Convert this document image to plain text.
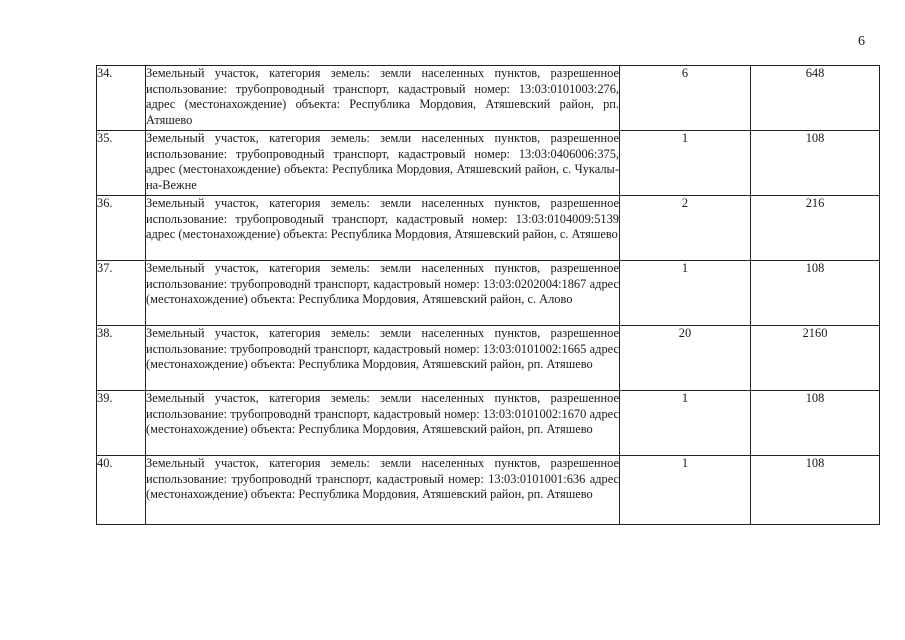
6
34.	Земельный участок, категория земель: земли населенных пунктов, разрешенное использование: трубопроводный транспорт, кадастровый номер: 13:03:0101003:276, адрес (местонахождение) объекта: Республика Мордовия, Атяшевский район, рп. Атяшево	6	648
35.	Земельный участок, категория земель: земли населенных пунктов, разрешенное использование: трубопроводный транспорт, кадастровый номер: 13:03:0406006:375, адрес (местонахождение) объекта: Республика Мордовия, Атяшевский район, с. Чукалы-на-Вежне	1	108
36.	Земельный участок, категория земель: земли населенных пунктов, разрешенное использование: трубопроводный транспорт, кадастровый номер: 13:03:0104009:5139 адрес (местонахождение) объекта: Республика Мордовия, Атяшевский район, с. Атяшево	2	216
37.	Земельный участок, категория земель: земли населенных пунктов, разрешенное использование: трубопроводнй транспорт, кадастровый номер: 13:03:0202004:1867 адрес (местонахождение) объекта: Республика Мордовия, Атяшевский район, с. Алово	1	108
38.	Земельный участок, категория земель: земли населенных пунктов, разрешенное использование: трубопроводнй транспорт, кадастровый номер: 13:03:0101002:1665 адрес (местонахождение) объекта: Республика Мордовия, Атяшевский район, рп. Атяшево	20	2160
39.	Земельный участок, категория земель: земли населенных пунктов, разрешенное использование: трубопроводнй транспорт, кадастровый номер: 13:03:0101002:1670 адрес (местонахождение) объекта: Республика Мордовия, Атяшевский район, рп. Атяшево	1	108
40.	Земельный участок, категория земель: земли населенных пунктов, разрешенное использование: трубопроводнй транспорт, кадастровый номер: 13:03:0101001:636 адрес (местонахождение) объекта: Республика Мордовия, Атяшевский район, рп. Атяшево	1	108
